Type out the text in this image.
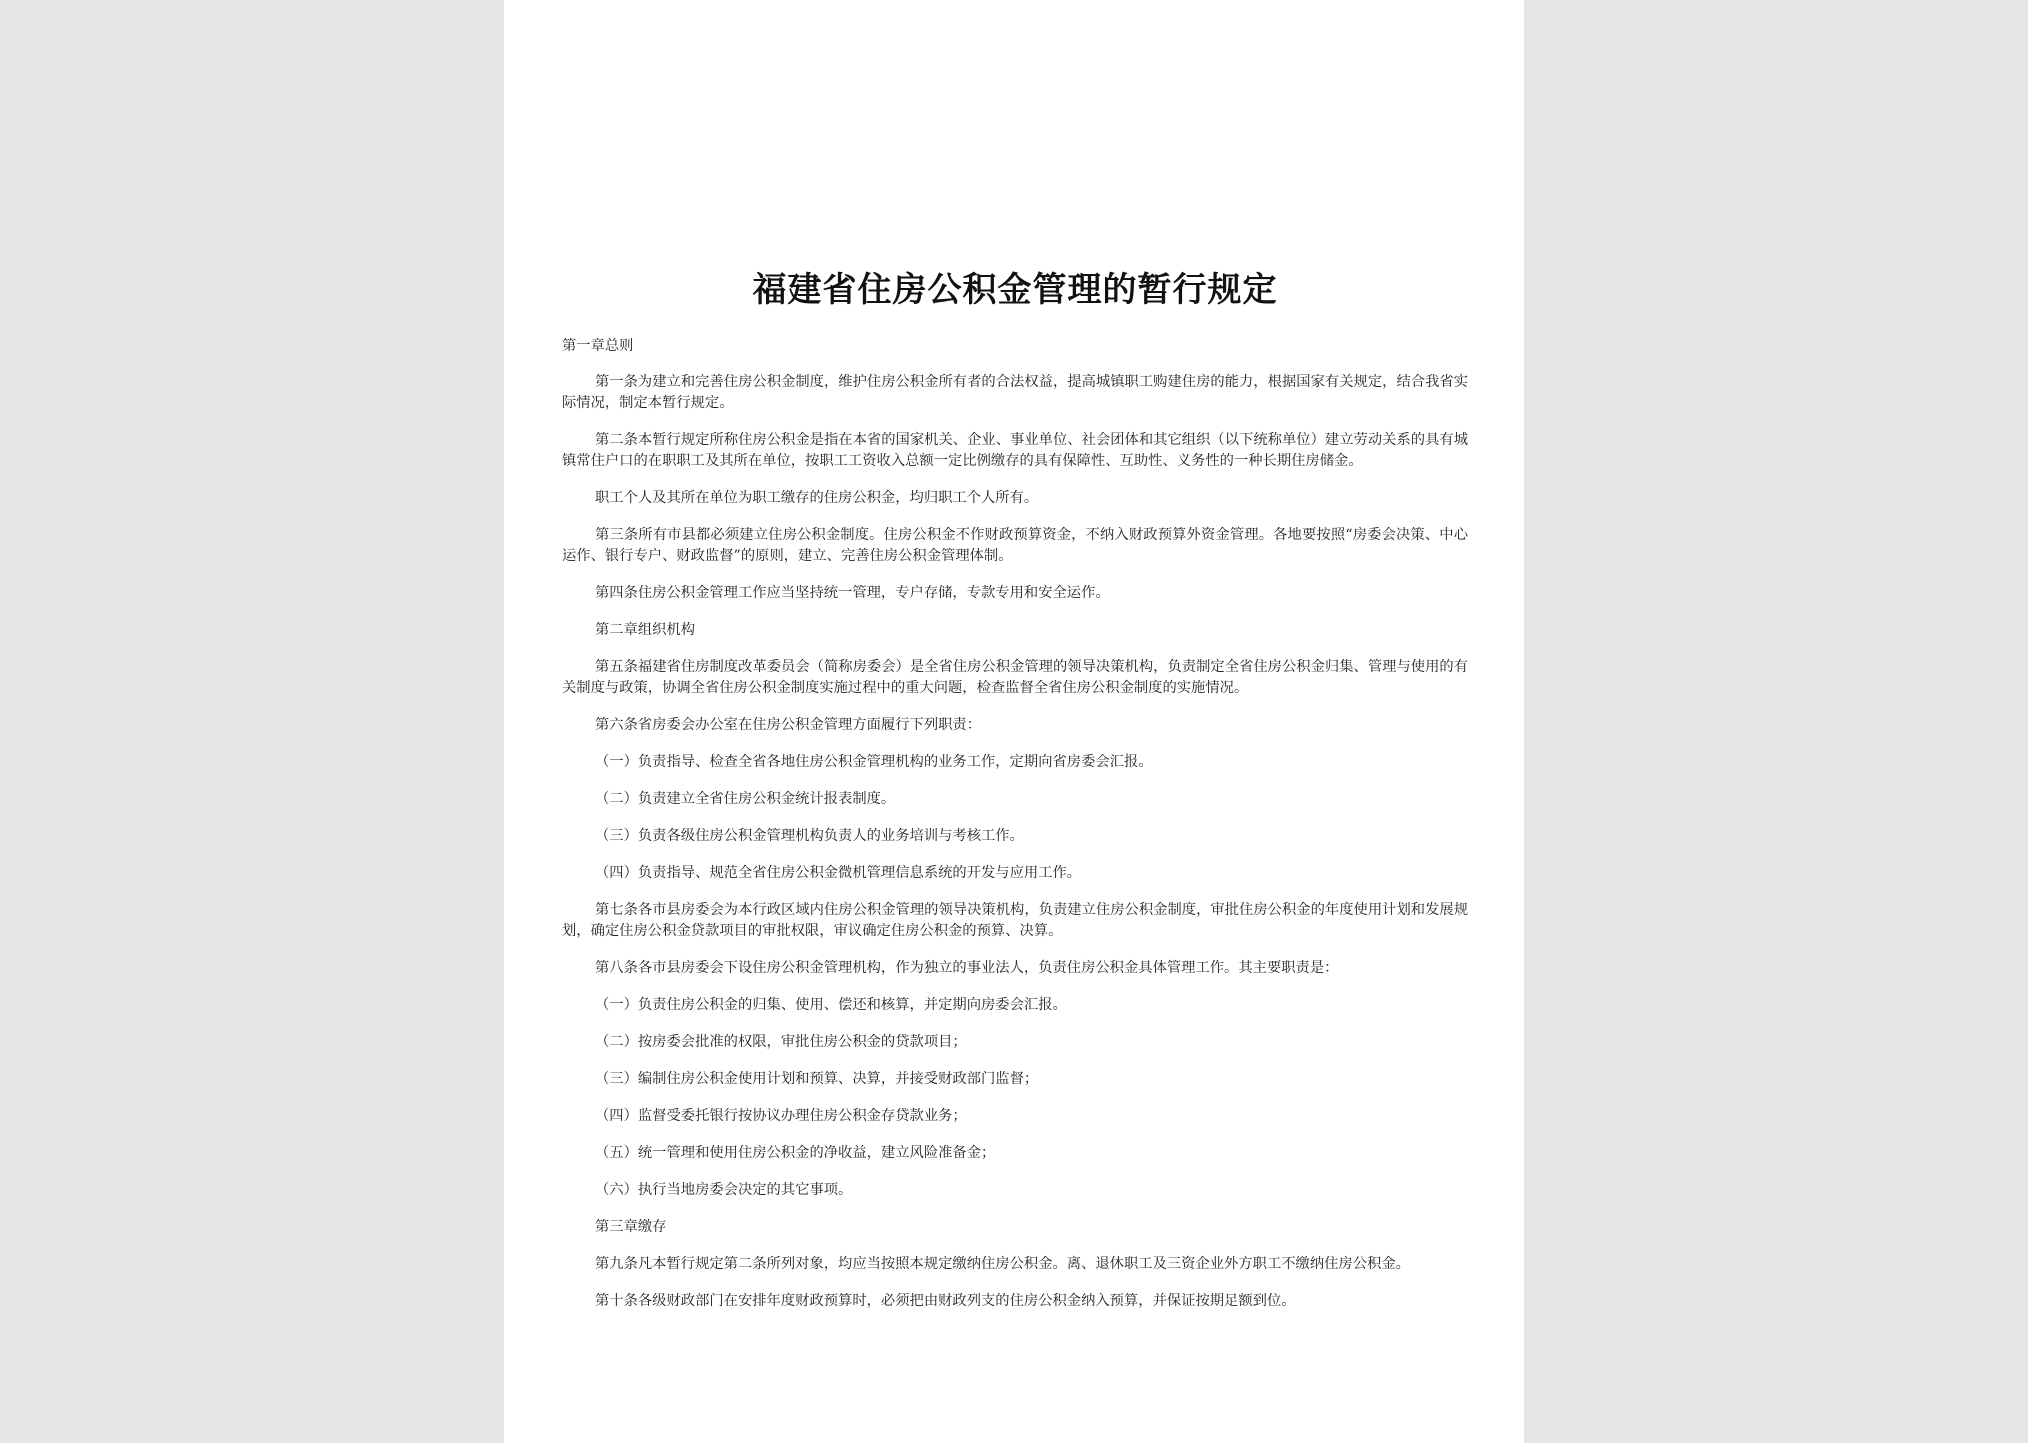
福建省住房公积金管理的暂行规定

第一章总则

第一条为建立和完善住房公积金制度，维护住房公积金所有者的合法权益，提高城镇职工购建住房的能力，根据国家有关规定，结合我省实际情况，制定本暂行规定。

第二条本暂行规定所称住房公积金是指在本省的国家机关、企业、事业单位、社会团体和其它组织（以下统称单位）建立劳动关系的具有城镇常住户口的在职职工及其所在单位，按职工工资收入总额一定比例缴存的具有保障性、互助性、义务性的一种长期住房储金。

职工个人及其所在单位为职工缴存的住房公积金，均归职工个人所有。

第三条所有市县都必须建立住房公积金制度。住房公积金不作财政预算资金，不纳入财政预算外资金管理。各地要按照“房委会决策、中心运作、银行专户、财政监督”的原则，建立、完善住房公积金管理体制。

第四条住房公积金管理工作应当坚持统一管理，专户存储，专款专用和安全运作。

第二章组织机构

第五条福建省住房制度改革委员会（简称房委会）是全省住房公积金管理的领导决策机构，负责制定全省住房公积金归集、管理与使用的有关制度与政策，协调全省住房公积金制度实施过程中的重大问题，检查监督全省住房公积金制度的实施情况。

第六条省房委会办公室在住房公积金管理方面履行下列职责：

（一）负责指导、检查全省各地住房公积金管理机构的业务工作，定期向省房委会汇报。

（二）负责建立全省住房公积金统计报表制度。

（三）负责各级住房公积金管理机构负责人的业务培训与考核工作。

（四）负责指导、规范全省住房公积金微机管理信息系统的开发与应用工作。

第七条各市县房委会为本行政区域内住房公积金管理的领导决策机构，负责建立住房公积金制度，审批住房公积金的年度使用计划和发展规划，确定住房公积金贷款项目的审批权限，审议确定住房公积金的预算、决算。

第八条各市县房委会下设住房公积金管理机构，作为独立的事业法人，负责住房公积金具体管理工作。其主要职责是：

（一）负责住房公积金的归集、使用、偿还和核算，并定期向房委会汇报。

（二）按房委会批准的权限，审批住房公积金的贷款项目；

（三）编制住房公积金使用计划和预算、决算，并接受财政部门监督；

（四）监督受委托银行按协议办理住房公积金存贷款业务；

（五）统一管理和使用住房公积金的净收益，建立风险准备金；

（六）执行当地房委会决定的其它事项。

第三章缴存

第九条凡本暂行规定第二条所列对象，均应当按照本规定缴纳住房公积金。离、退休职工及三资企业外方职工不缴纳住房公积金。

第十条各级财政部门在安排年度财政预算时，必须把由财政列支的住房公积金纳入预算，并保证按期足额到位。
